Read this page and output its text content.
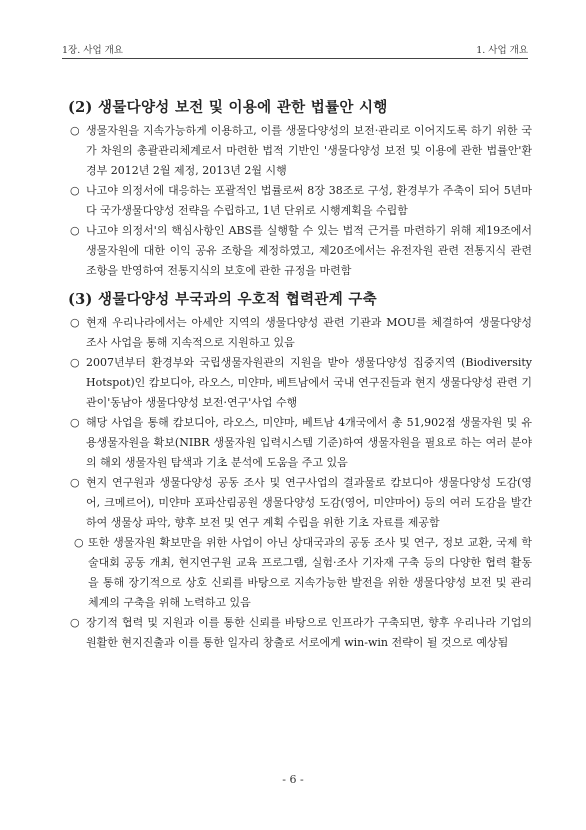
1장. 사업 개요	1. 사업 개요
(2) 생물다양성 보전 및 이용에 관한 법률안 시행

○ 생물자원을 지속가능하게 이용하고, 이를 생물다양성의 보전·관리로 이어지도록 하기 위한 국가 차원의 총괄관리체계로서 마련한 법적 기반인 '생물다양성 보전 및 이용에 관한 법률안'환경부 2012년 2월 제정, 2013년 2월 시행

○ 나고야 의정서에 대응하는 포괄적인 법률로써 8장 38조로 구성, 환경부가 주축이 되어 5년마다 국가생물다양성 전략을 수립하고, 1년 단위로 시행계획을 수립함

○ 나고야 의정서'의 핵심사항인 ABS를 실행할 수 있는 법적 근거를 마련하기 위해 제19조에서 생물자원에 대한 이익 공유 조항을 제정하였고, 제20조에서는 유전자원 관련 전통지식 관련 조항을 반영하여 전통지식의 보호에 관한 규정을 마련함

(3) 생물다양성 부국과의 우호적 협력관계 구축

○ 현재 우리나라에서는 아세안 지역의 생물다양성 관련 기관과 MOU를 체결하여 생물다양성 조사 사업을 통해 지속적으로 지원하고 있음

○ 2007년부터 환경부와 국립생물자원관의 지원을 받아 생물다양성 집중지역 (Biodiversity Hotspot)인 캄보디아, 라오스, 미얀마, 베트남에서 국내 연구진들과 현지 생물다양성 관련 기관이'동남아 생물다양성 보전·연구'사업 수행

○ 해당 사업을 통해 캄보디아, 라오스, 미얀마, 베트남 4개국에서 총 51,902점 생물자원 및 유용생물자원을 확보(NIBR 생물자원 입력시스템 기준)하여 생물자원을 필요로 하는 여러 분야의 해외 생물자원 탐색과 기초 분석에 도움을 주고 있음

○ 현지 연구원과 생물다양성 공동 조사 및 연구사업의 결과물로 캄보디아 생물다양성 도감(영어, 크메르어), 미얀마 포파산림공원 생물다양성 도감(영어, 미얀마어) 등의 여러 도감을 발간하여 생물상 파악, 향후 보전 및 연구 계획 수립을 위한 기초 자료를 제공함

○ 또한 생물자원 확보만을 위한 사업이 아닌 상대국과의 공동 조사 및 연구, 정보 교환, 국제 학술대회 공동 개최, 현지연구원 교육 프로그램, 실험·조사 기자재 구축 등의 다양한 협력 활동을 통해 장기적으로 상호 신뢰를 바탕으로 지속가능한 발전을 위한 생물다양성 보전 및 관리 체계의 구축을 위해 노력하고 있음

○ 장기적 협력 및 지원과 이를 통한 신뢰를 바탕으로 인프라가 구축되면, 향후 우리나라 기업의 원활한 현지진출과 이를 통한 일자리 창출로 서로에게 win-win 전략이 될 것으로 예상됨

- 6 -
